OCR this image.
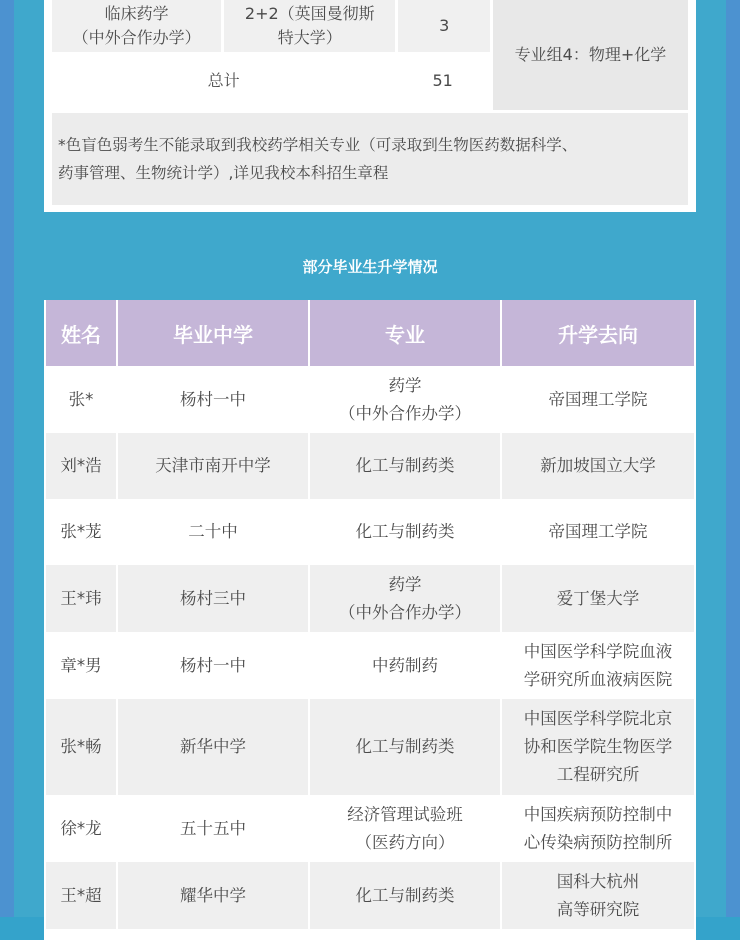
临床药学
（中外合作办学）	2+2（英国曼彻斯
特大学）	3	专业组4：物理+化学
总计		51	
*色盲色弱考生不能录取到我校药学相关专业（可录取到生物医药数据科学、
药事管理、生物统计学）,详见我校本科招生章程
部分毕业生升学情况
姓名	毕业中学	专业	升学去向
张*	杨村一中	药学
（中外合作办学）	帝国理工学院

刘*浩	天津市南开中学	化工与制药类	新加坡国立大学

张*茏	二十中	化工与制药类	帝国理工学院

王*玮	杨村三中	药学
（中外合作办学）	爱丁堡大学

章*男	杨村一中	中药制药	中国医学科学院血液
学研究所血液病医院

张*畅	新华中学	化工与制药类	中国医学科学院北京
协和医学院生物医学
工程研究所

徐*龙	五十五中	经济管理试验班
（医药方向）	中国疾病预防控制中
心传染病预防控制所

王*超	耀华中学	化工与制药类	国科大杭州
高等研究院
